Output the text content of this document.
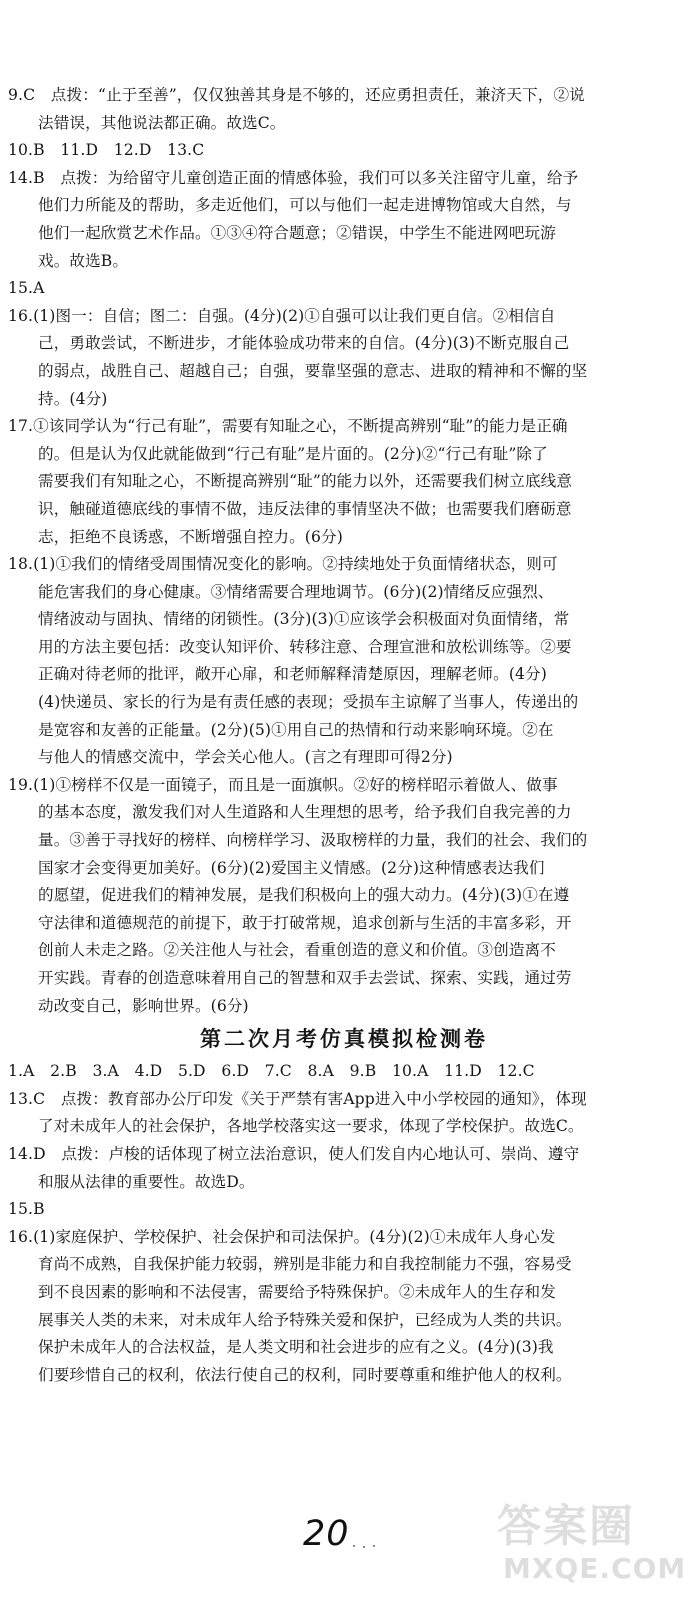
9.C　点拨：“止于至善”，仅仅独善其身是不够的，还应勇担责任，兼济天下，②说
法错误，其他说法都正确。故选C。
10.B　11.D　12.D　13.C
14.B　点拨：为给留守儿童创造正面的情感体验，我们可以多关注留守儿童，给予
他们力所能及的帮助，多走近他们，可以与他们一起走进博物馆或大自然，与
他们一起欣赏艺术作品。①③④符合题意；②错误，中学生不能进网吧玩游
戏。故选B。
15.A
16.(1)图一：自信；图二：自强。(4分)(2)①自强可以让我们更自信。②相信自
己，勇敢尝试，不断进步，才能体验成功带来的自信。(4分)(3)不断克服自己
的弱点，战胜自己、超越自己；自强，要靠坚强的意志、进取的精神和不懈的坚
持。(4分)
17.①该同学认为“行己有耻”，需要有知耻之心，不断提高辨别“耻”的能力是正确
的。但是认为仅此就能做到“行己有耻”是片面的。(2分)②“行己有耻”除了
需要我们有知耻之心，不断提高辨别“耻”的能力以外，还需要我们树立底线意
识，触碰道德底线的事情不做，违反法律的事情坚决不做；也需要我们磨砺意
志，拒绝不良诱惑，不断增强自控力。(6分)
18.(1)①我们的情绪受周围情况变化的影响。②持续地处于负面情绪状态，则可
能危害我们的身心健康。③情绪需要合理地调节。(6分)(2)情绪反应强烈、
情绪波动与固执、情绪的闭锁性。(3分)(3)①应该学会积极面对负面情绪，常
用的方法主要包括：改变认知评价、转移注意、合理宣泄和放松训练等。②要
正确对待老师的批评，敞开心扉，和老师解释清楚原因，理解老师。(4分)
(4)快递员、家长的行为是有责任感的表现；受损车主谅解了当事人，传递出的
是宽容和友善的正能量。(2分)(5)①用自己的热情和行动来影响环境。②在
与他人的情感交流中，学会关心他人。(言之有理即可得2分)
19.(1)①榜样不仅是一面镜子，而且是一面旗帜。②好的榜样昭示着做人、做事
的基本态度，激发我们对人生道路和人生理想的思考，给予我们自我完善的力
量。③善于寻找好的榜样、向榜样学习、汲取榜样的力量，我们的社会、我们的
国家才会变得更加美好。(6分)(2)爱国主义情感。(2分)这种情感表达我们
的愿望，促进我们的精神发展，是我们积极向上的强大动力。(4分)(3)①在遵
守法律和道德规范的前提下，敢于打破常规，追求创新与生活的丰富多彩，开
创前人未走之路。②关注他人与社会，看重创造的意义和价值。③创造离不
开实践。青春的创造意味着用自己的智慧和双手去尝试、探索、实践，通过劳
动改变自己，影响世界。(6分)
第二次月考仿真模拟检测卷
1.A　2.B　3.A　4.D　5.D　6.D　7.C　8.A　9.B　10.A　11.D　12.C
13.C　点拨：教育部办公厅印发《关于严禁有害App进入中小学校园的通知》，体现
了对未成年人的社会保护，各地学校落实这一要求，体现了学校保护。故选C。
14.D　点拨：卢梭的话体现了树立法治意识，使人们发自内心地认可、崇尚、遵守
和服从法律的重要性。故选D。
15.B
16.(1)家庭保护、学校保护、社会保护和司法保护。(4分)(2)①未成年人身心发
育尚不成熟，自我保护能力较弱，辨别是非能力和自我控制能力不强，容易受
到不良因素的影响和不法侵害，需要给予特殊保护。②未成年人的生存和发
展事关人类的未来，对未成年人给予特殊关爱和保护，已经成为人类的共识。
保护未成年人的合法权益，是人类文明和社会进步的应有之义。(4分)(3)我
们要珍惜自己的权利，依法行使自己的权利，同时要尊重和维护他人的权利。
20	答案圈
MXQE.COM
